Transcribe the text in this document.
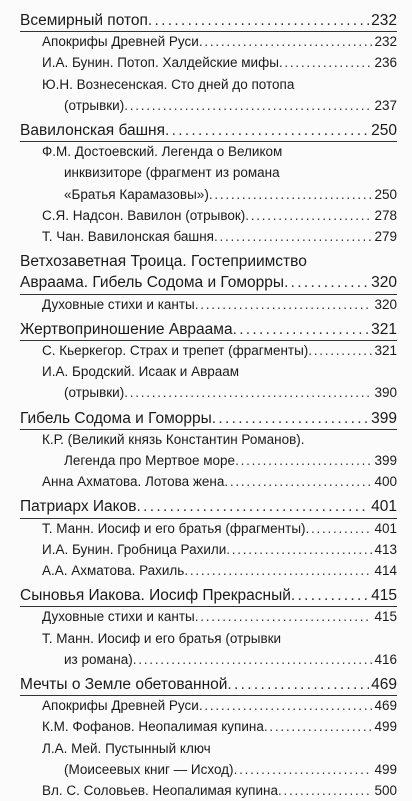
Всемирный потоп . . .	232
Апокрифы Древней Руси . . .	232
И.А. Бунин. Потоп. Халдейские мифы . . .	236
Ю.Н. Вознесенская. Сто дней до потопа
(отрывки) . . .	237
Вавилонская башня . . .	250
Ф.М. Достоевский. Легенда о Великом
инквизиторе (фрагмент из романа
«Братья Карамазовы») . . .	250
С.Я. Надсон. Вавилон (отрывок) . . .	278
Т. Чан. Вавилонская башня . . .	279
Ветхозаветная Троица. Гостеприимство
Авраама. Гибель Содома и Гоморры . . .	320
Духовные стихи и канты . . .	320
Жертвоприношение Авраама . . .	321
С. Кьеркегор. Страх и трепет (фрагменты) . . .	321
И.А. Бродский. Исаак и Авраам
(отрывки) . . .	390
Гибель Содома и Гоморры . . .	399
К.Р. (Великий князь Константин Романов).
Легенда про Мертвое море . . .	399
Анна Ахматова. Лотова жена . . .	400
Патриарх Иаков . . .	401
Т. Манн. Иосиф и его братья (фрагменты) . . .	401
И.А. Бунин. Гробница Рахили . . .	413
А.А. Ахматова. Рахиль . . .	414
Сыновья Иакова. Иосиф Прекрасный . . .	415
Духовные стихи и канты . . .	415
Т. Манн. Иосиф и его братья (отрывки
из романа) . . .	416
Мечты о Земле обетованной . . .	469
Апокрифы Древней Руси . . .	469
К.М. Фофанов. Неопалимая купина . . .	499
Л.А. Мей. Пустынный ключ
(Моисеевых книг — Исход) . . .	499
Вл. С. Соловьев. Неопалимая купина . . .	500
